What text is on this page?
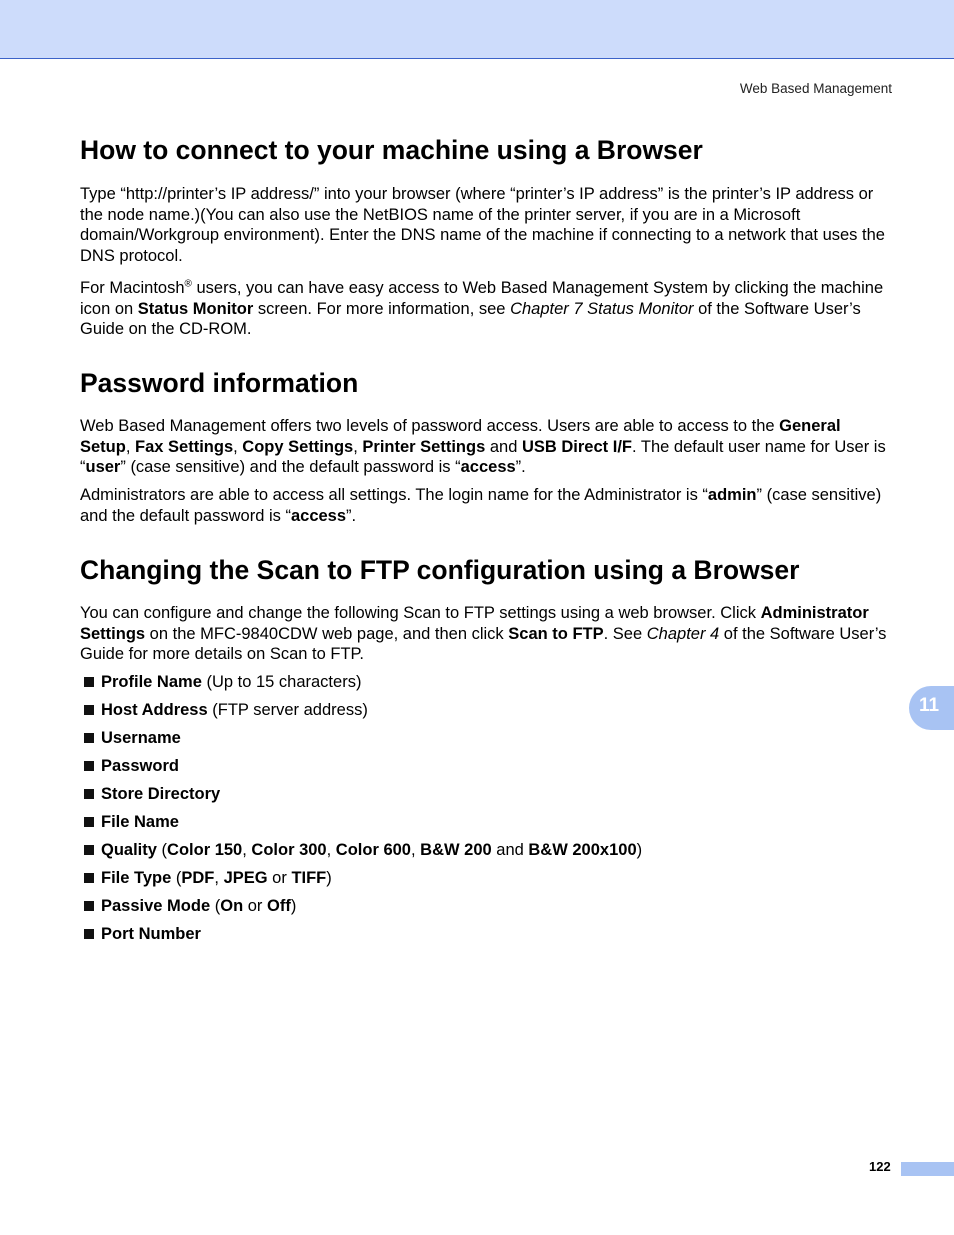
Web Based Management
How to connect to your machine using a Browser

Type “http://printer’s IP address/” into your browser (where “printer’s IP address” is the printer’s IP address or the node name.)(You can also use the NetBIOS name of the printer server, if you are in a Microsoft domain/Workgroup environment). Enter the DNS name of the machine if connecting to a network that uses the DNS protocol.

For Macintosh® users, you can have easy access to Web Based Management System by clicking the machine icon on Status Monitor screen. For more information, see Chapter 7 Status Monitor of the Software User’s Guide on the CD-ROM.

Password information

Web Based Management offers two levels of password access. Users are able to access to the General Setup, Fax Settings, Copy Settings, Printer Settings and USB Direct I/F. The default user name for User is “user” (case sensitive) and the default password is “access”.

Administrators are able to access all settings. The login name for the Administrator is “admin” (case sensitive) and the default password is “access”.

Changing the Scan to FTP configuration using a Browser

You can configure and change the following Scan to FTP settings using a web browser. Click Administrator Settings on the MFC-9840CDW web page, and then click Scan to FTP. See Chapter 4 of the Software User’s Guide for more details on Scan to FTP.

Profile Name (Up to 15 characters)
Host Address (FTP server address)
Username
Password
Store Directory
File Name
Quality (Color 150, Color 300, Color 600, B&W 200 and B&W 200x100)
File Type (PDF, JPEG or TIFF)
Passive Mode (On or Off)
Port Number
11
122
